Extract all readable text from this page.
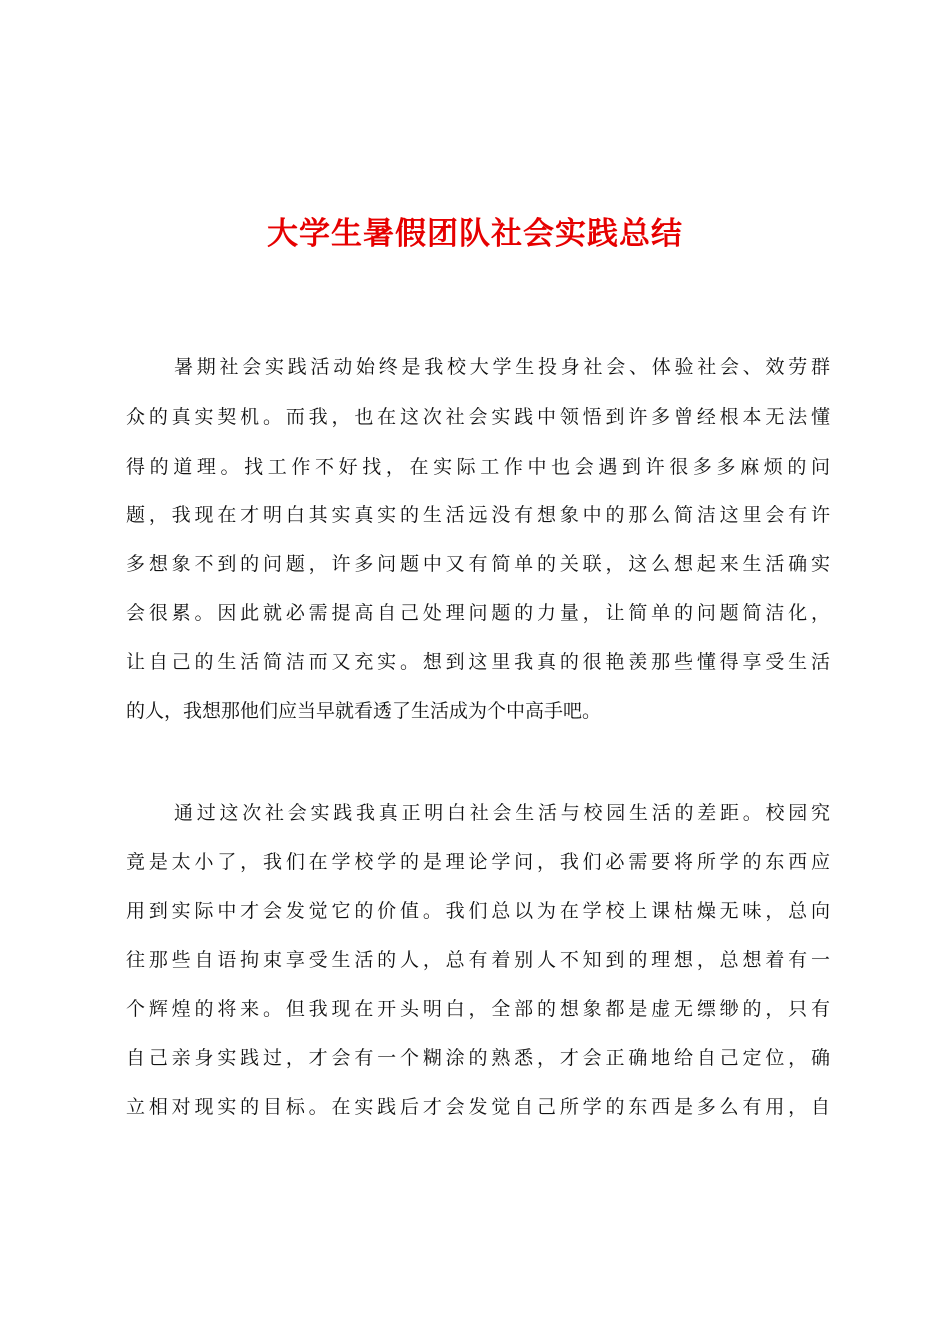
大学生暑假团队社会实践总结
暑期社会实践活动始终是我校大学生投身社会、体验社会、效劳群
众的真实契机。而我，也在这次社会实践中领悟到许多曾经根本无法懂
得的道理。找工作不好找，在实际工作中也会遇到许很多多麻烦的问
题，我现在才明白其实真实的生活远没有想象中的那么简洁这里会有许
多想象不到的问题，许多问题中又有简单的关联，这么想起来生活确实
会很累。因此就必需提高自己处理问题的力量，让简单的问题简洁化，
让自己的生活简洁而又充实。想到这里我真的很艳羡那些懂得享受生活
的人，我想那他们应当早就看透了生活成为个中高手吧。
通过这次社会实践我真正明白社会生活与校园生活的差距。校园究
竟是太小了，我们在学校学的是理论学问，我们必需要将所学的东西应
用到实际中才会发觉它的价值。我们总以为在学校上课枯燥无味，总向
往那些自语拘束享受生活的人，总有着别人不知到的理想，总想着有一
个辉煌的将来。但我现在开头明白，全部的想象都是虚无缥缈的，只有
自己亲身实践过，才会有一个糊涂的熟悉，才会正确地给自己定位，确
立相对现实的目标。在实践后才会发觉自己所学的东西是多么有用，自
